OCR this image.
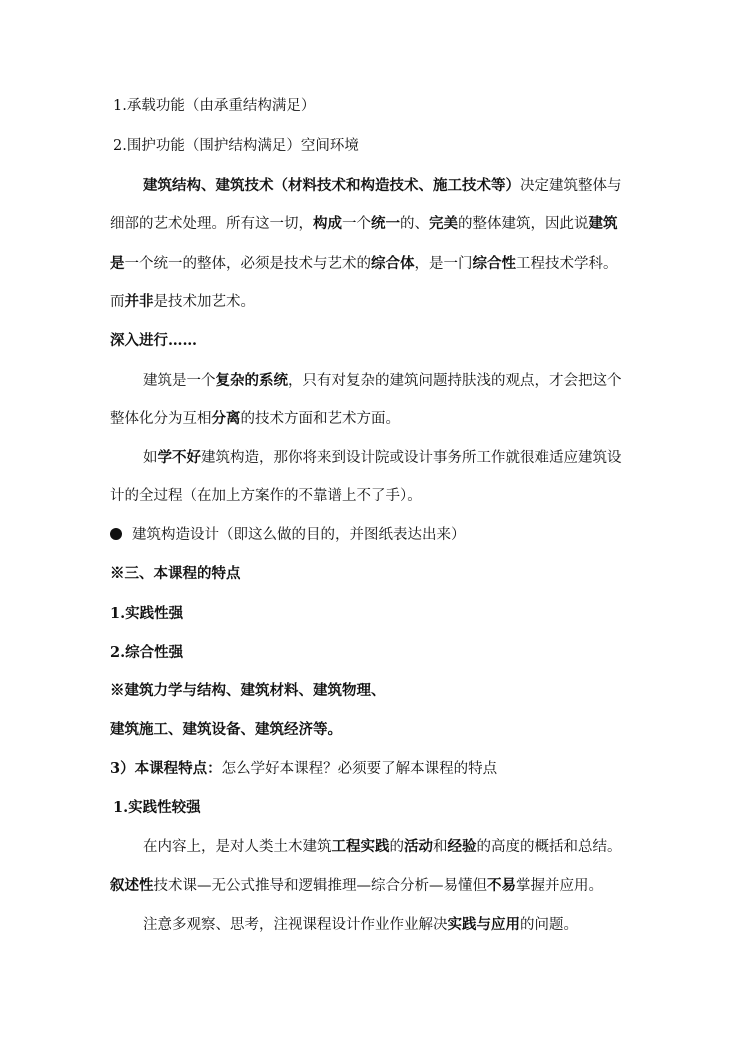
1.承载功能（由承重结构满足）
2.围护功能（围护结构满足）空间环境
建筑结构、建筑技术（材料技术和构造技术、施工技术等）决定建筑整体与
细部的艺术处理。所有这一切，构成一个统一的、完美的整体建筑，因此说建筑
是一个统一的整体，必须是技术与艺术的综合体，是一门综合性工程技术学科。
而并非是技术加艺术。
深入进行……
建筑是一个复杂的系统，只有对复杂的建筑问题持肤浅的观点，才会把这个
整体化分为互相分离的技术方面和艺术方面。
如学不好建筑构造，那你将来到设计院或设计事务所工作就很难适应建筑设
计的全过程（在加上方案作的不靠谱上不了手）。
建筑构造设计（即这么做的目的，并图纸表达出来）
※三、本课程的特点
1.实践性强
2.综合性强
※建筑力学与结构、建筑材料、建筑物理、
建筑施工、建筑设备、建筑经济等。
3）本课程特点：怎么学好本课程？必须要了解本课程的特点
1.实践性较强
在内容上，是对人类土木建筑工程实践的活动和经验的高度的概括和总结。
叙述性技术课—无公式推导和逻辑推理—综合分析—易懂但不易掌握并应用。
注意多观察、思考，注视课程设计作业作业解决实践与应用的问题。
